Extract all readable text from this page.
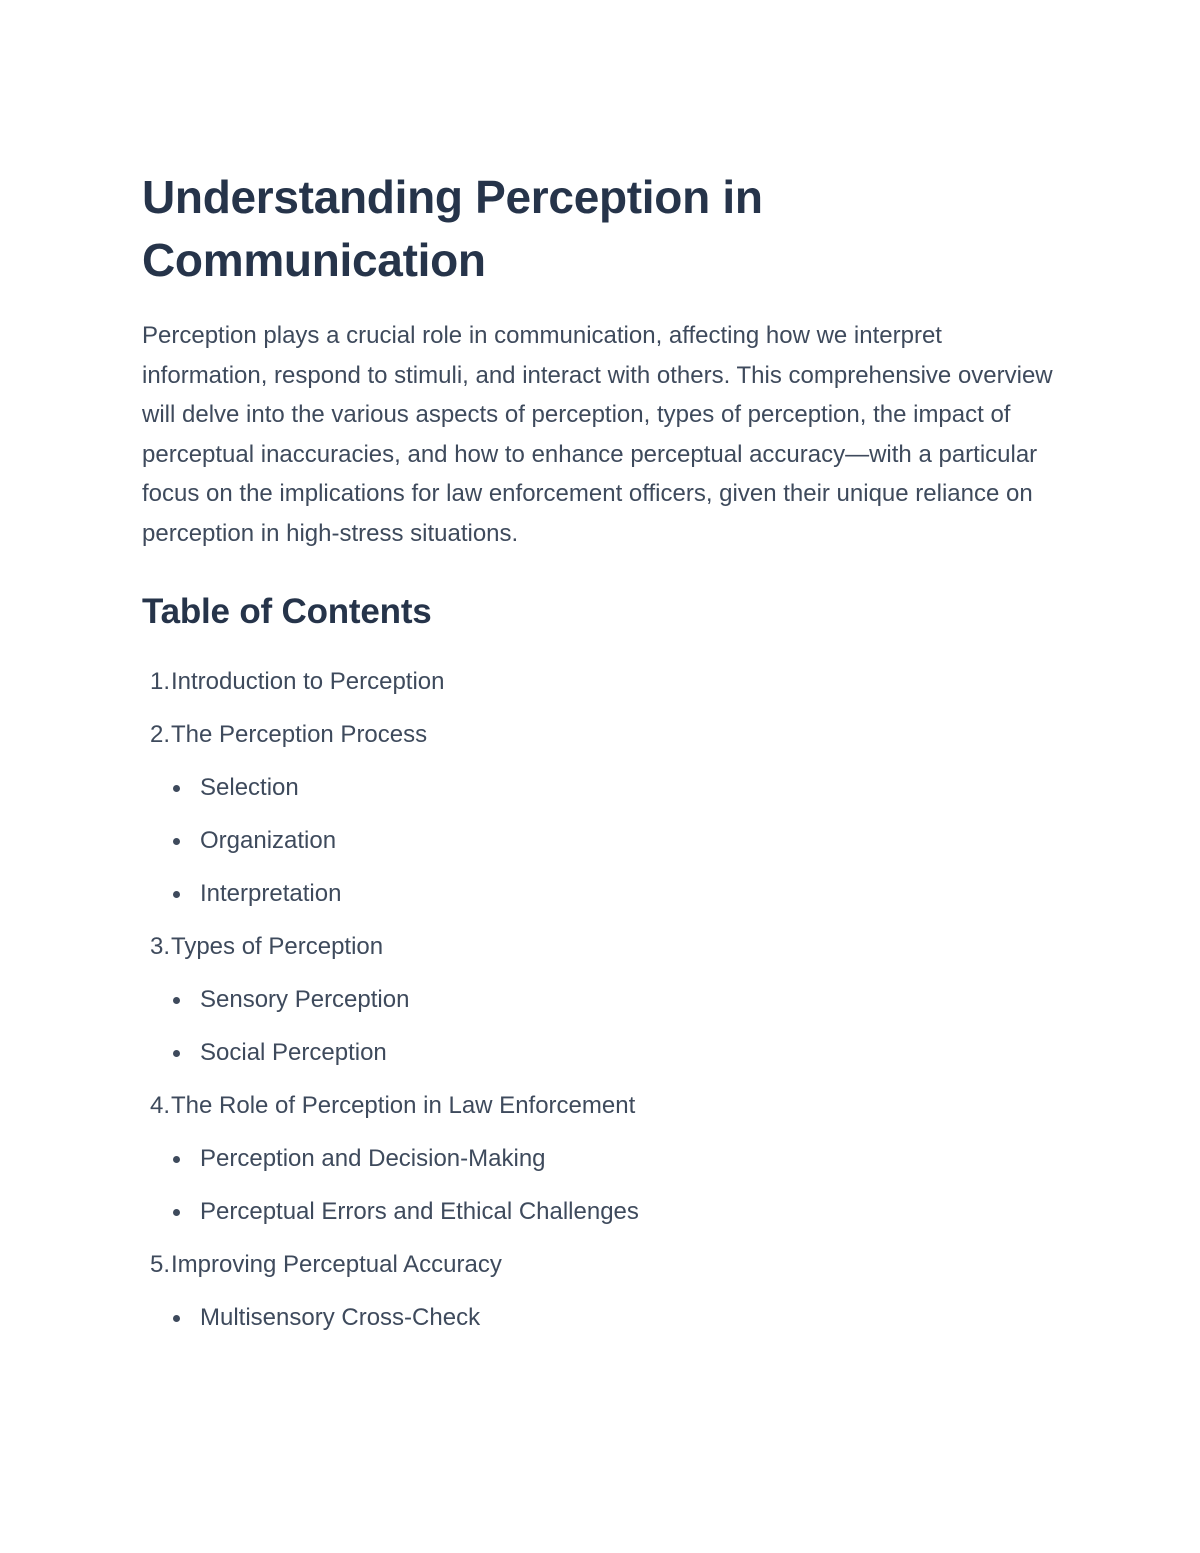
Understanding Perception in Communication

Perception plays a crucial role in communication, affecting how we interpret information, respond to stimuli, and interact with others. This comprehensive overview will delve into the various aspects of perception, types of perception, the impact of perceptual inaccuracies, and how to enhance perceptual accuracy—with a particular focus on the implications for law enforcement officers, given their unique reliance on perception in high-stress situations.

Table of Contents
1. Introduction to Perception
2. The Perception Process
Selection
Organization
Interpretation
3. Types of Perception
Sensory Perception
Social Perception
4. The Role of Perception in Law Enforcement
Perception and Decision-Making
Perceptual Errors and Ethical Challenges
5. Improving Perceptual Accuracy
Multisensory Cross-Check
